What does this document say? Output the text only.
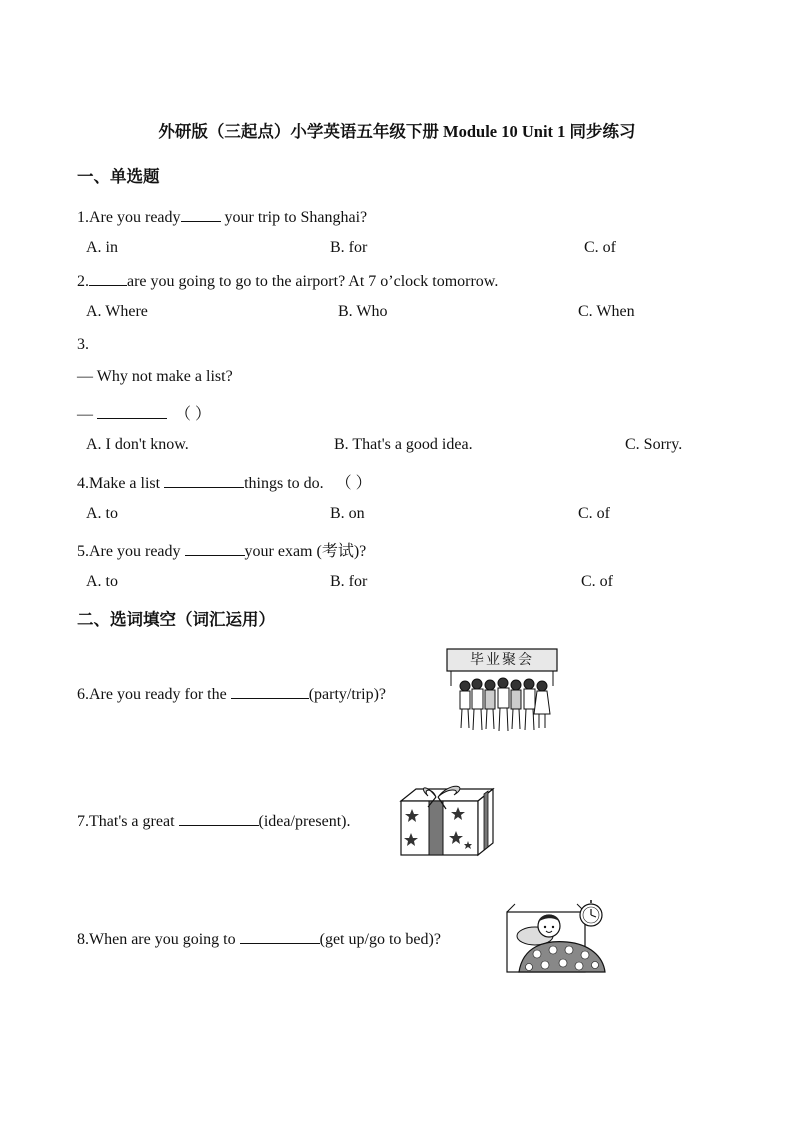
外研版（三起点）小学英语五年级下册 Module 10 Unit 1 同步练习
一、单选题
1.Are you ready	your trip to Shanghai?
A. in	B. for	C. of
2. are you going to go to the airport? At 7 o’clock tomorrow.
A. Where	B. Who	C. When
3.
— Why not make a list?
—	（ ）
A. I don't know.	B. That's a good idea.	C. Sorry.
4.Make a list	things to do. （ ）
A. to	B. on	C. of
5.Are you ready	your exam (考试)?
A. to	B. for	C. of
二、选词填空（词汇运用）
6.Are you ready for the	(party/trip)?
毕业聚会
7.That's a great	(idea/present).
8.When are you going to	(get up/go to bed)?
